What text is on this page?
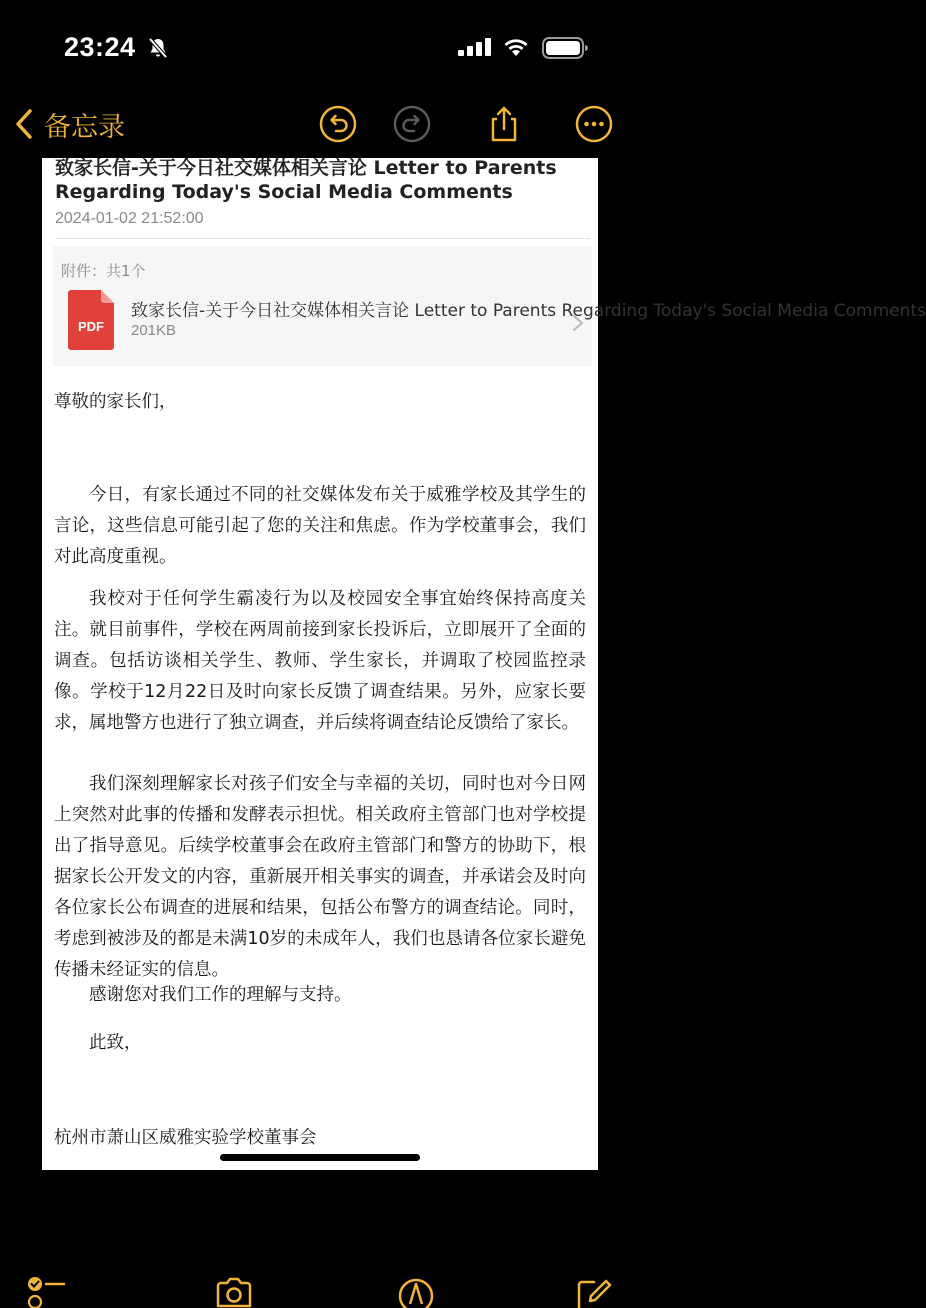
23:24
备忘录
致家长信-关于今日社交媒体相关言论 Letter to Parents Regarding Today's Social Media Comments
2024-01-02 21:52:00
附件：共1个
PDF
致家长信-关于今日社交媒体相关言论 Letter to Parents Regarding Today's Social Media Comments
201KB
尊敬的家长们，
今日，有家长通过不同的社交媒体发布关于威雅学校及其学生的言论，这些信息可能引起了您的关注和焦虑。作为学校董事会，我们对此高度重视。
我校对于任何学生霸凌行为以及校园安全事宜始终保持高度关注。就目前事件，学校在两周前接到家长投诉后，立即展开了全面的调查。包括访谈相关学生、教师、学生家长，并调取了校园监控录像。学校于12月22日及时向家长反馈了调查结果。另外，应家长要求，属地警方也进行了独立调查，并后续将调查结论反馈给了家长。
我们深刻理解家长对孩子们安全与幸福的关切，同时也对今日网上突然对此事的传播和发酵表示担忧。相关政府主管部门也对学校提出了指导意见。后续学校董事会在政府主管部门和警方的协助下，根据家长公开发文的内容，重新展开相关事实的调查，并承诺会及时向各位家长公布调查的进展和结果，包括公布警方的调查结论。同时，考虑到被涉及的都是未满10岁的未成年人，我们也恳请各位家长避免传播未经证实的信息。
感谢您对我们工作的理解与支持。
此致，
杭州市萧山区威雅实验学校董事会
